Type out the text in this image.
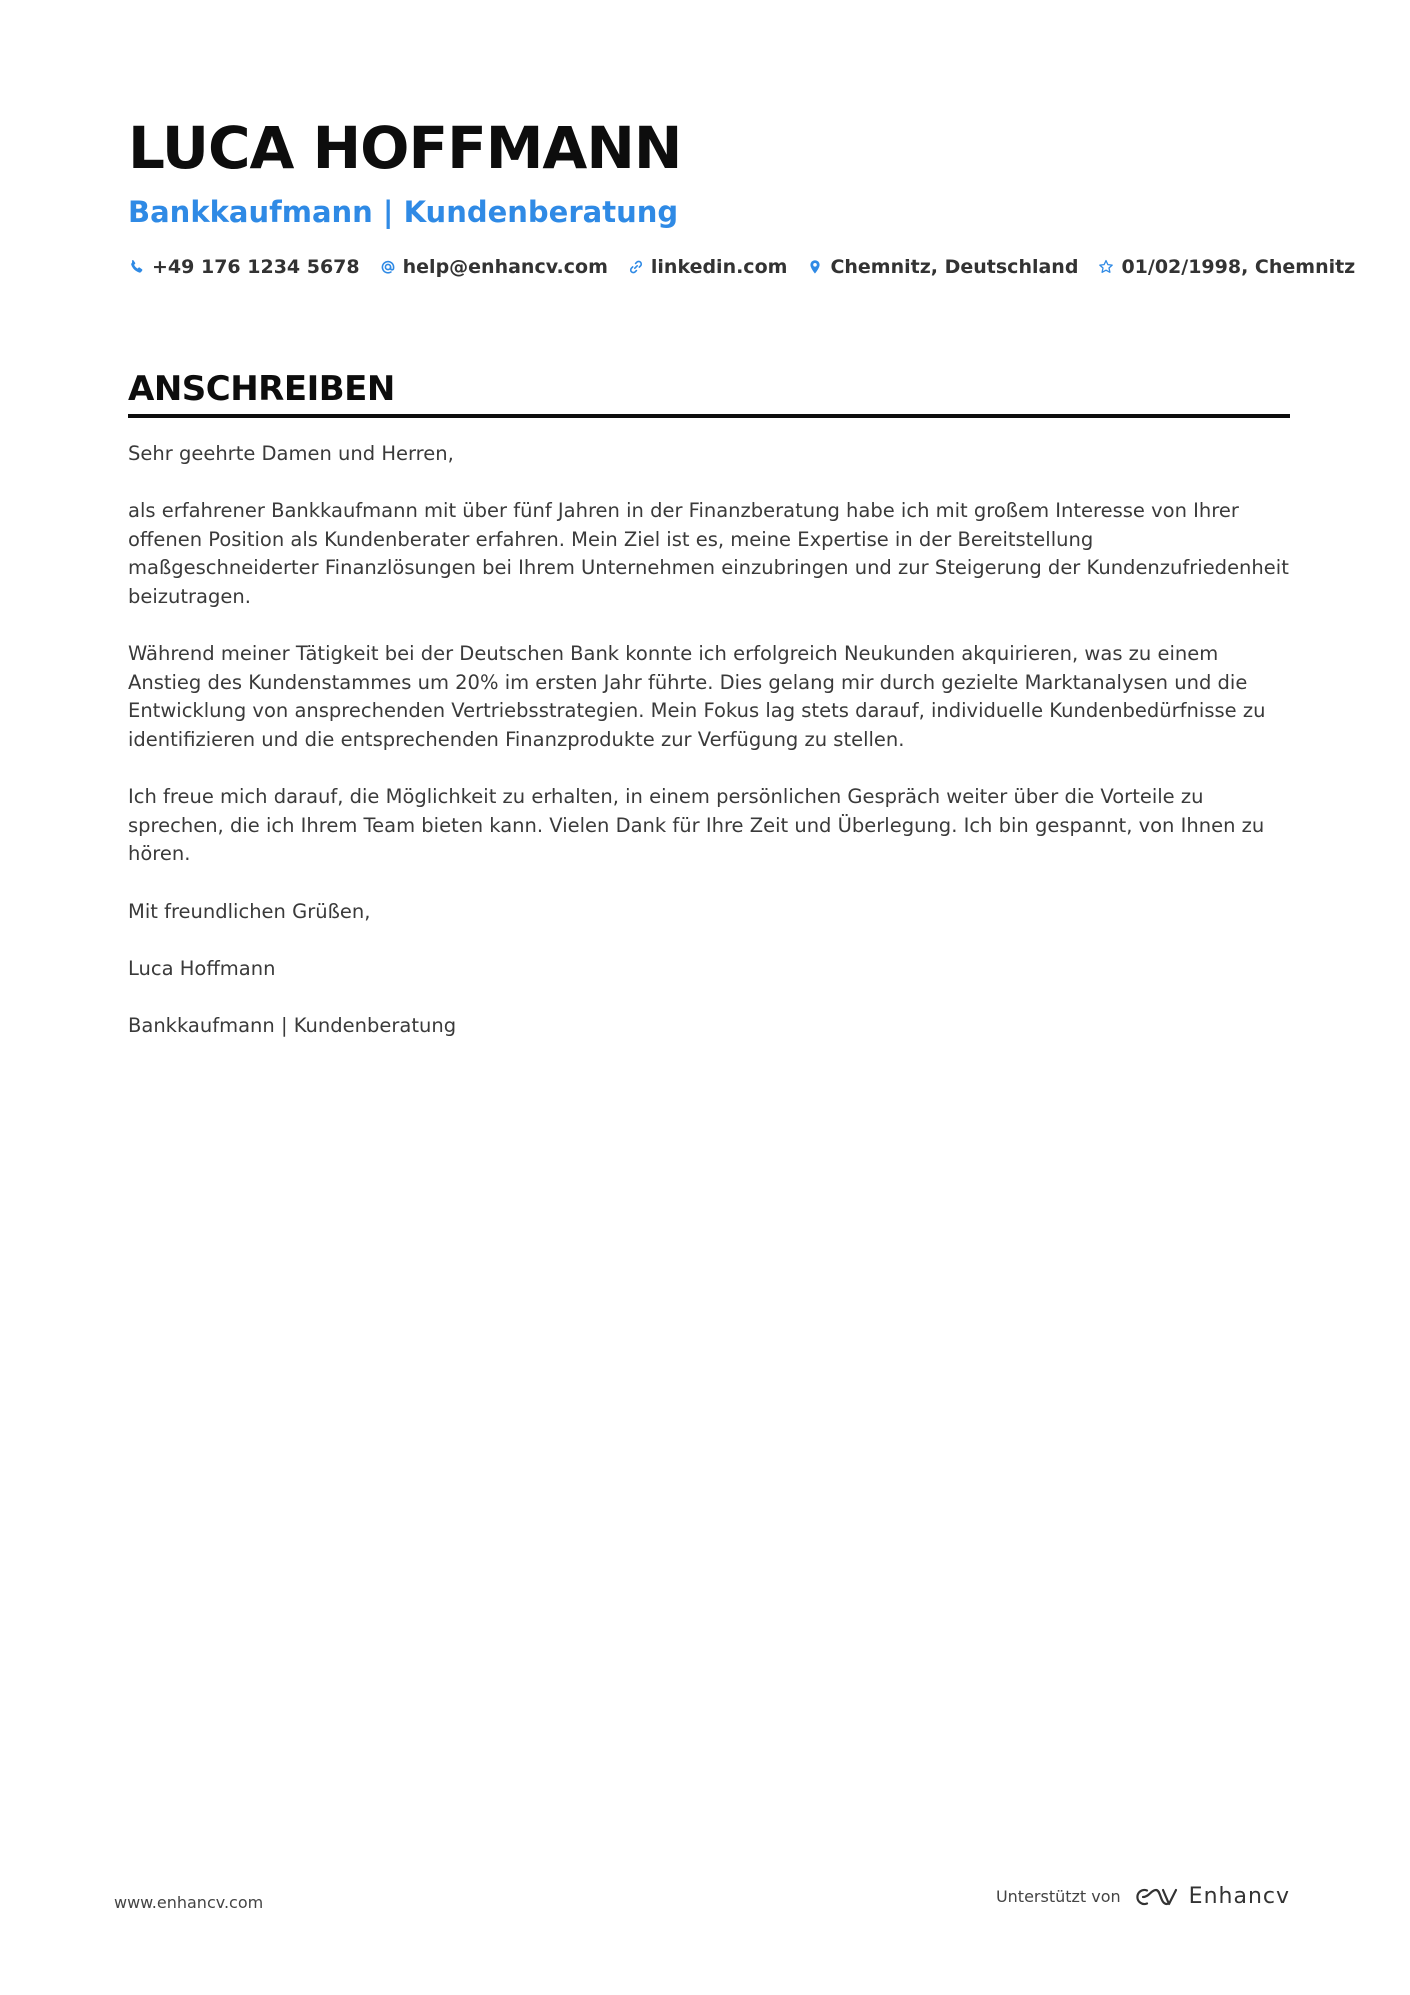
LUCA HOFFMANN
Bankkaufmann | Kundenberatung
+49 176 1234 5678 help@enhancv.com linkedin.com Chemnitz, Deutschland 01/02/1998, Chemnitz
ANSCHREIBEN

Sehr geehrte Damen und Herren,

als erfahrener Bankkaufmann mit über fünf Jahren in der Finanzberatung habe ich mit großem Interesse von Ihrer offenen Position als Kundenberater erfahren. Mein Ziel ist es, meine Expertise in der Bereitstellung maßgeschneiderter Finanzlösungen bei Ihrem Unternehmen einzubringen und zur Steigerung der Kundenzufriedenheit beizutragen.

Während meiner Tätigkeit bei der Deutschen Bank konnte ich erfolgreich Neukunden akquirieren, was zu einem Anstieg des Kundenstammes um 20% im ersten Jahr führte. Dies gelang mir durch gezielte Marktanalysen und die Entwicklung von ansprechenden Vertriebsstrategien. Mein Fokus lag stets darauf, individuelle Kundenbedürfnisse zu identifizieren und die entsprechenden Finanzprodukte zur Verfügung zu stellen.

Ich freue mich darauf, die Möglichkeit zu erhalten, in einem persönlichen Gespräch weiter über die Vorteile zu sprechen, die ich Ihrem Team bieten kann. Vielen Dank für Ihre Zeit und Überlegung. Ich bin gespannt, von Ihnen zu hören.

Mit freundlichen Grüßen,

Luca Hoffmann

Bankkaufmann | Kundenberatung

www.enhancv.com	Unterstützt von	Enhancv
